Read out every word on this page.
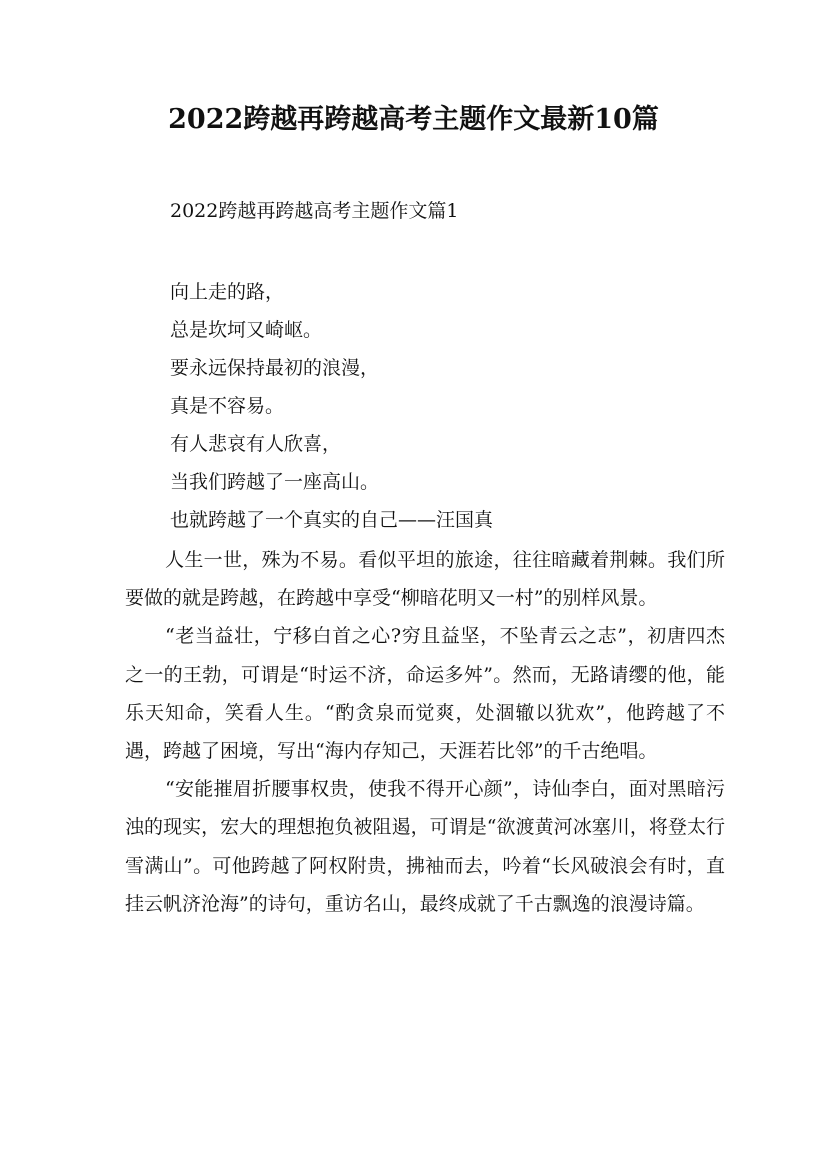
2022跨越再跨越高考主题作文最新10篇
2022跨越再跨越高考主题作文篇1
向上走的路，
总是坎坷又崎岖。
要永远保持最初的浪漫，
真是不容易。
有人悲哀有人欣喜，
当我们跨越了一座高山。
也就跨越了一个真实的自己——汪国真

人生一世，殊为不易。看似平坦的旅途，往往暗藏着荆棘。我们所要做的就是跨越，在跨越中享受“柳暗花明又一村”的别样风景。

“老当益壮，宁移白首之心?穷且益坚，不坠青云之志”，初唐四杰之一的王勃，可谓是“时运不济，命运多舛”。然而，无路请缨的他，能乐天知命，笑看人生。“酌贪泉而觉爽，处涸辙以犹欢”，他跨越了不遇，跨越了困境，写出“海内存知己，天涯若比邻”的千古绝唱。

“安能摧眉折腰事权贵，使我不得开心颜”，诗仙李白，面对黑暗污浊的现实，宏大的理想抱负被阻遏，可谓是“欲渡黄河冰塞川，将登太行雪满山”。可他跨越了阿权附贵，拂袖而去，吟着“长风破浪会有时，直挂云帆济沧海”的诗句，重访名山，最终成就了千古飘逸的浪漫诗篇。
